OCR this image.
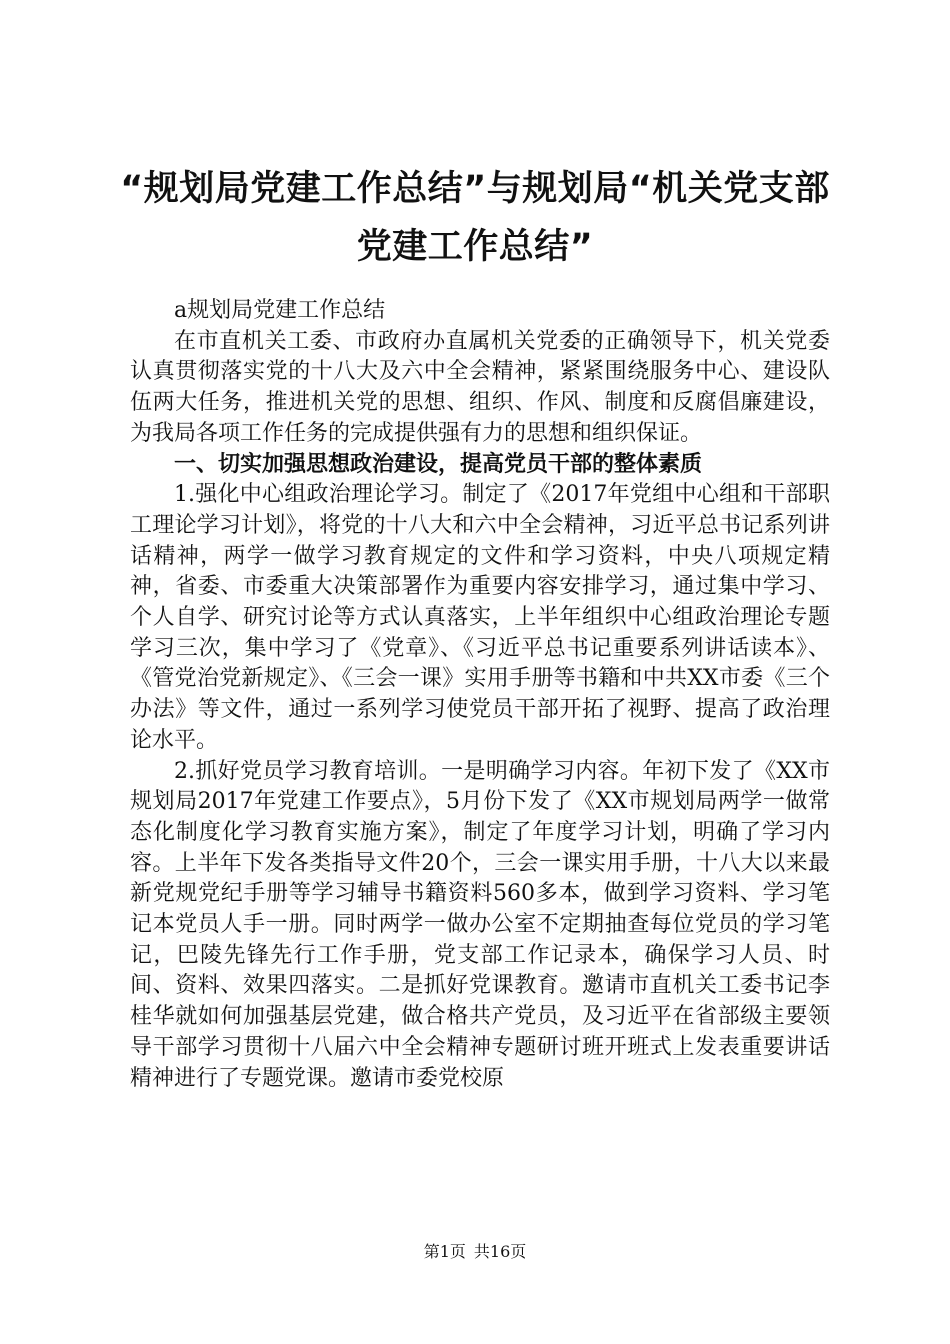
“规划局党建工作总结”与规划局“机关党支部党建工作总结”

a规划局党建工作总结

在市直机关工委、市政府办直属机关党委的正确领导下，机关党委认真贯彻落实党的十八大及六中全会精神，紧紧围绕服务中心、建设队伍两大任务，推进机关党的思想、组织、作风、制度和反腐倡廉建设，为我局各项工作任务的完成提供强有力的思想和组织保证。

一、切实加强思想政治建设，提高党员干部的整体素质

1.强化中心组政治理论学习。制定了《2017年党组中心组和干部职工理论学习计划》，将党的十八大和六中全会精神，习近平总书记系列讲话精神，两学一做学习教育规定的文件和学习资料，中央八项规定精神，省委、市委重大决策部署作为重要内容安排学习，通过集中学习、个人自学、研究讨论等方式认真落实，上半年组织中心组政治理论专题学习三次，集中学习了《党章》、《习近平总书记重要系列讲话读本》、《管党治党新规定》、《三会一课》实用手册等书籍和中共XX市委《三个办法》等文件，通过一系列学习使党员干部开拓了视野、提高了政治理论水平。

2.抓好党员学习教育培训。一是明确学习内容。年初下发了《XX市规划局2017年党建工作要点》，5月份下发了《XX市规划局两学一做常态化制度化学习教育实施方案》，制定了年度学习计划，明确了学习内容。上半年下发各类指导文件20个，三会一课实用手册，十八大以来最新党规党纪手册等学习辅导书籍资料560多本，做到学习资料、学习笔记本党员人手一册。同时两学一做办公室不定期抽查每位党员的学习笔记，巴陵先锋先行工作手册，党支部工作记录本，确保学习人员、时间、资料、效果四落实。二是抓好党课教育。邀请市直机关工委书记李桂华就如何加强基层党建，做合格共产党员，及习近平在省部级主要领导干部学习贯彻十八届六中全会精神专题研讨班开班式上发表重要讲话精神进行了专题党课。邀请市委党校原

第1页 共16页
